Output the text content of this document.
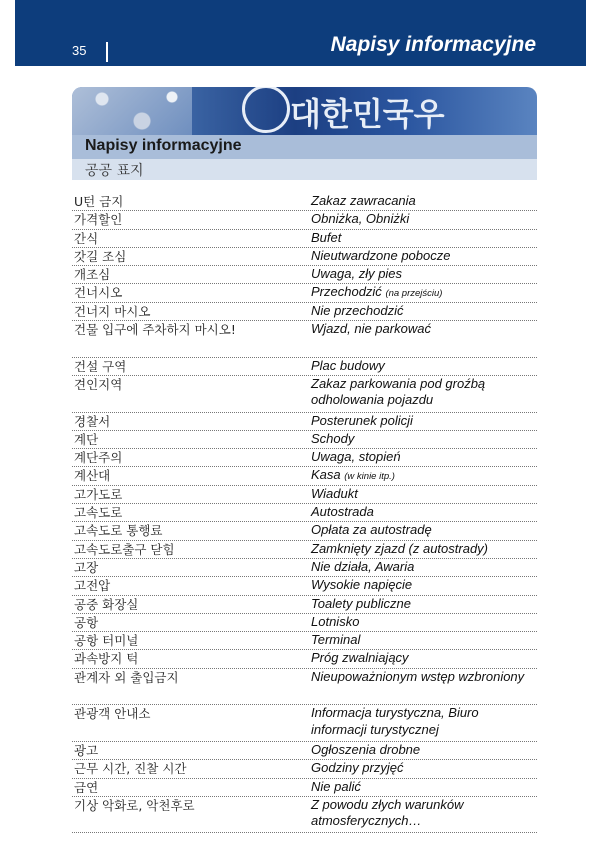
35	Napisy informacyjne
대한민국우
Napisy informacyjne
공공 표지
U턴 금지	Zakaz zawracania
가격할인	Obniżka, Obniżki
간식	Bufet
갓길 조심	Nieutwardzone pobocze
개조심	Uwaga, zły pies
건너시오	Przechodzić (na przejściu)
건너지 마시오	Nie przechodzić
건물 입구에 주차하지 마시오!	Wjazd, nie parkować
건설 구역	Plac budowy
견인지역	Zakaz parkowania pod groźbą odholowania pojazdu
경찰서	Posterunek policji
계단	Schody
계단주의	Uwaga, stopień
계산대	Kasa (w kinie itp.)
고가도로	Wiadukt
고속도로	Autostrada
고속도로 통행료	Opłata za autostradę
고속도로출구 닫힘	Zamknięty zjazd (z autostrady)
고장	Nie działa, Awaria
고전압	Wysokie napięcie
공중 화장실	Toalety publiczne
공항	Lotnisko
공항 터미널	Terminal
과속방지 턱	Próg zwalniający
관계자 외 출입금지	Nieupoważnionym wstęp wzbroniony
관광객 안내소	Informacja turystyczna, Biuro informacji turystycznej
광고	Ogłoszenia drobne
근무 시간, 진찰 시간	Godziny przyjęć
금연	Nie palić
기상 악화로, 악천후로	Z powodu złych warunków atmosferycznych…
